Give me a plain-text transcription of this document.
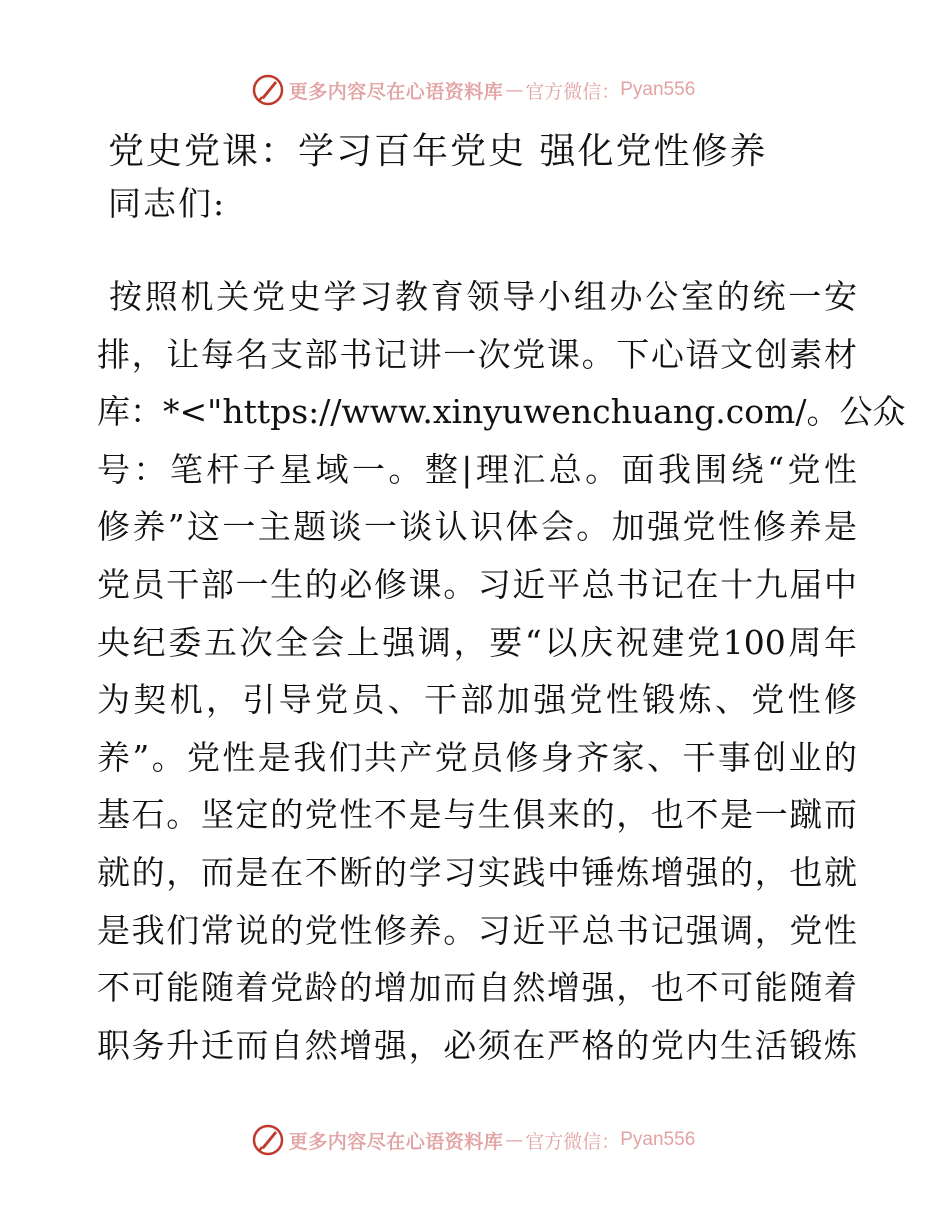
更多内容尽在心语资料库 — 官方微信： Pyan556
党史党课：学习百年党史 强化党性修养

同志们:

按照机关党史学习教育领导小组办公室的统一安
排，让每名支部书记讲一次党课。下心语文创素材
库：*<"https://www.xinyuwenchuang.com/。公众
号：笔杆子星域一。整|理汇总。面我围绕“党性
修养”这一主题谈一谈认识体会。加强党性修养是
党员干部一生的必修课。习近平总书记在十九届中
央纪委五次全会上强调，要“以庆祝建党100周年
为契机，引导党员、干部加强党性锻炼、党性修
养”。党性是我们共产党员修身齐家、干事创业的
基石。坚定的党性不是与生俱来的，也不是一蹴而
就的，而是在不断的学习实践中锤炼增强的，也就
是我们常说的党性修养。习近平总书记强调，党性
不可能随着党龄的增加而自然增强，也不可能随着
职务升迁而自然增强，必须在严格的党内生活锻炼
更多内容尽在心语资料库 — 官方微信： Pyan556
